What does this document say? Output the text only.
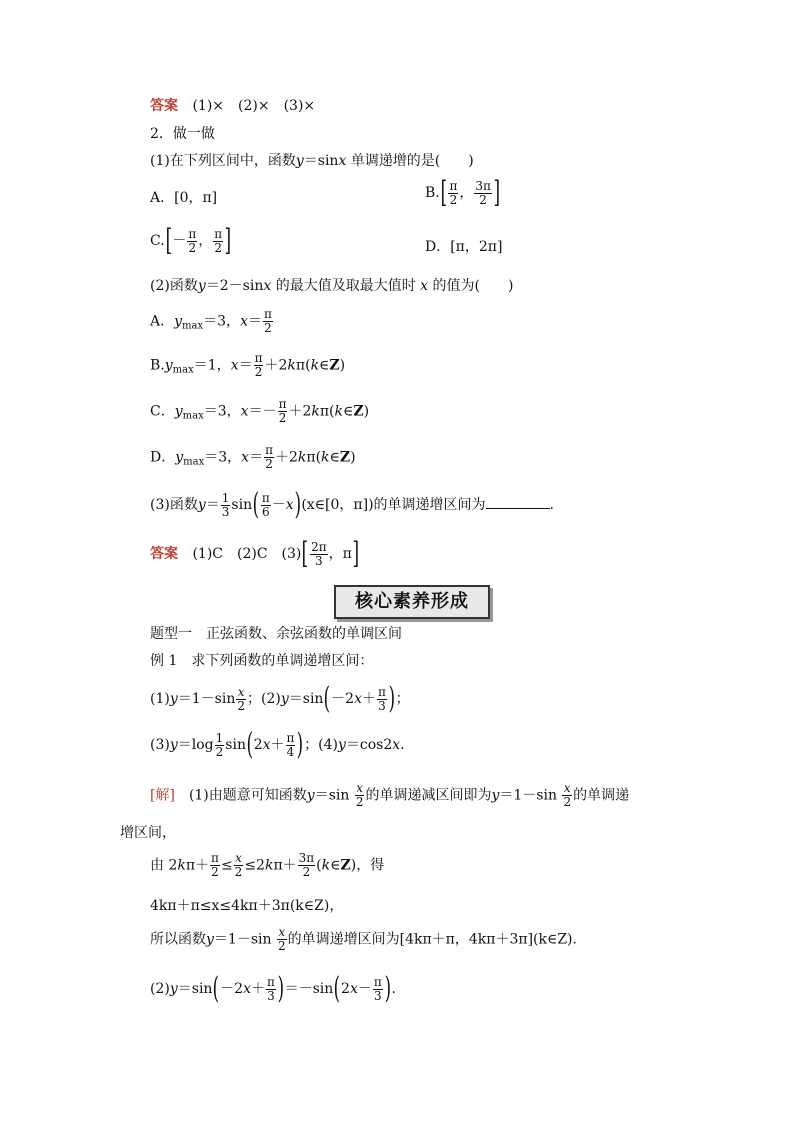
答案 (1)×　(2)×　(3)×
2．做一做
(1)在下列区间中，函数y＝sinx 单调递增的是(　　)
A．[0，π]	$B.[ \frac{\pi}{2}$ ， $\frac{3\pi}{2}$ ]
$C.[- \frac{\pi}{2}$ ， $\frac{\pi}{2}$ ]	D．[π，2π]
(2)函数y＝2－sinx 的最大值及取最大值时 x 的值为(　　)
A．$y_{max}=3$，$x= \frac{\pi}{2}$
$B.y_{max}=1$，$x= \frac{\pi}{2}$ ＋2kπ(k∈Z)
C．$y_{max}=3$，$x=- \frac{\pi}{2}$ ＋2kπ(k∈Z)
D．$y_{max}=3$，$x= \frac{\pi}{2}$ ＋2kπ(k∈Z)
(3)函数$y= \frac{1}{3} \sin( \frac{\pi}{6}$ －x)(x∈[0，π])的单调递增区间为	.
答案 (1)C　(2)C　$(3)[ \frac{2\pi}{3}$ ，π]
核心素养形成
题型一　正弦函数、余弦函数的单调区间
例 1　求下列函数的单调递增区间：
$(1)y=1-\sin \frac{x}{2}$ ；$(2)y=\sin(-2x+ \frac{\pi}{3}$ )；
$(3)y=\log \frac{1}{2} \sin(2x+ \frac{\pi}{4}$ )；(4)y＝cos2x.
[解]　 (1)由题意可知函数$y=\sin \frac{x}{2}$ 的单调递减区间即为$y=1-\sin \frac{x}{2}$ 的单调递
增区间，
由 $2k\pi+ \frac{\pi}{2} \le \frac{x}{2} \le 2k\pi+ \frac{3\pi}{2}$ (k∈Z)，得
4kπ＋π≤x≤4kπ＋3π(k∈Z)，
所以函数$y=1-\sin \frac{x}{2}$ 的单调递增区间为[4kπ＋π，4kπ＋3π](k∈Z)．
$(2)y=\sin(-2x+ \frac{\pi}{3} )=-\sin(2x- \frac{\pi}{3}$ ).
